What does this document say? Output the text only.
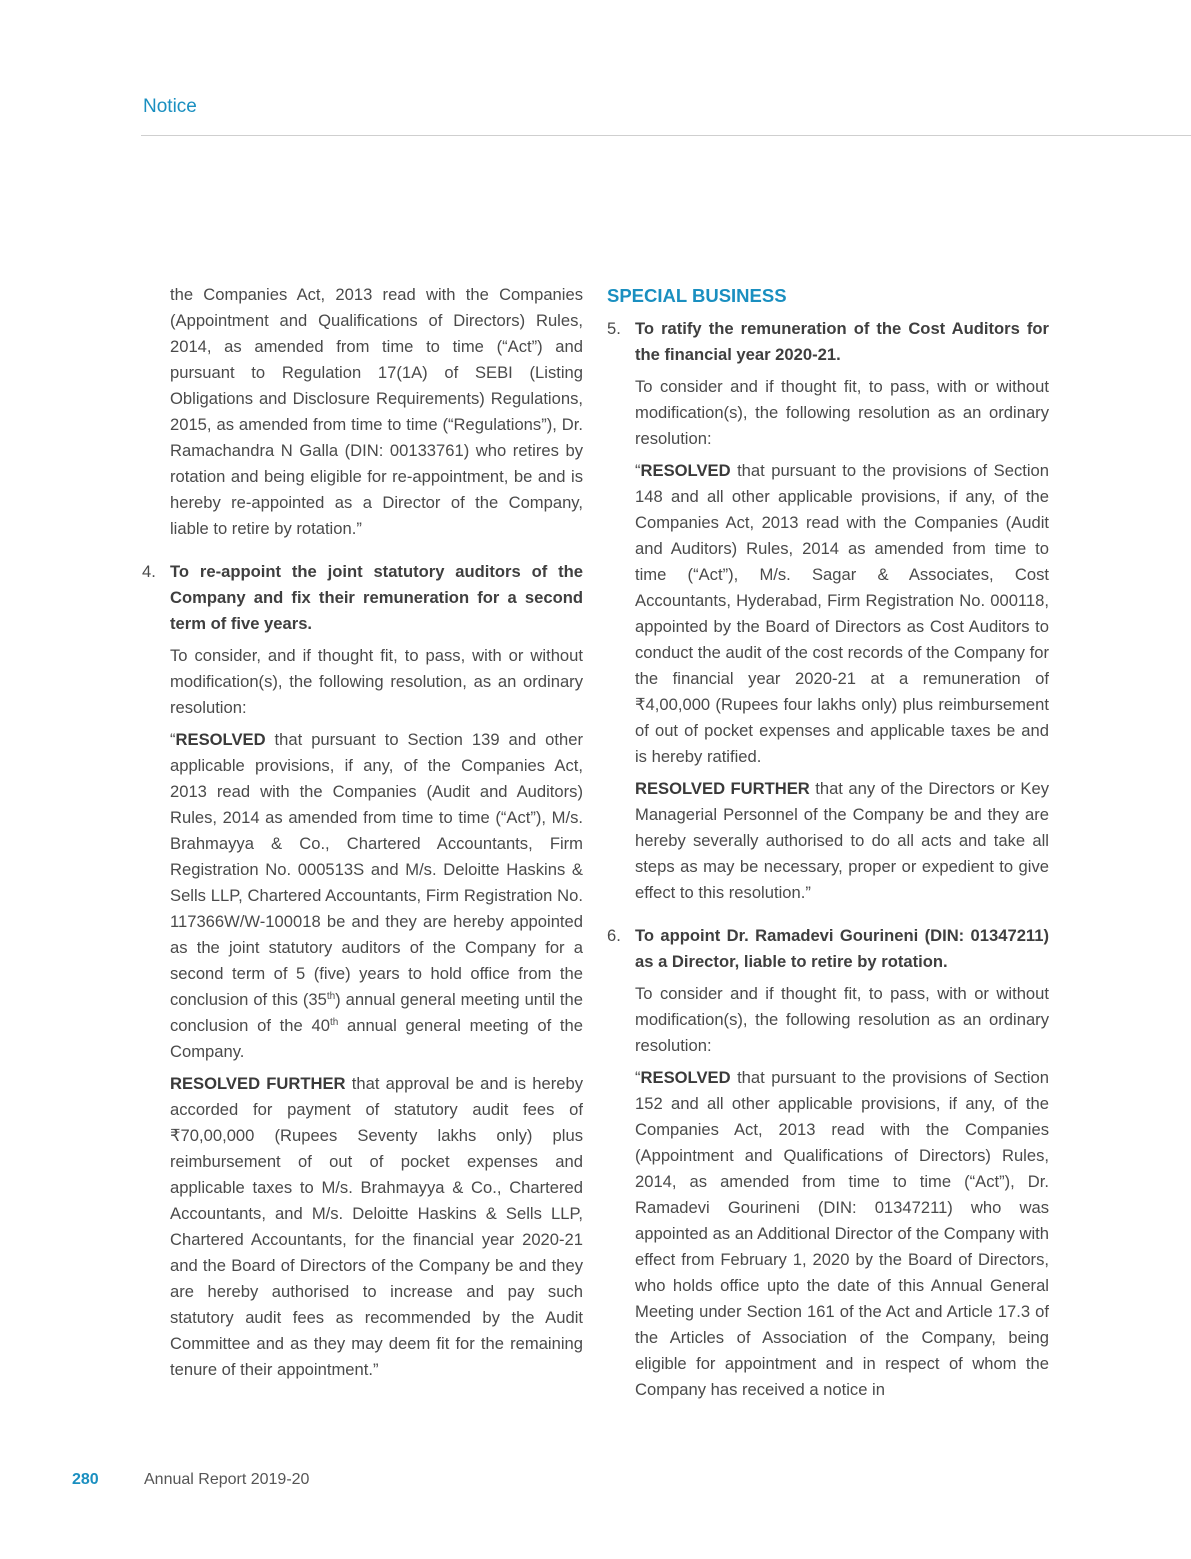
Notice

the Companies Act, 2013 read with the Companies (Appointment and Qualifications of Directors) Rules, 2014, as amended from time to time (“Act”) and pursuant to Regulation 17(1A) of SEBI (Listing Obligations and Disclosure Requirements) Regulations, 2015, as amended from time to time (“Regulations”), Dr. Ramachandra N Galla (DIN: 00133761) who retires by rotation and being eligible for re-appointment, be and is hereby re-appointed as a Director of the Company, liable to retire by rotation.”

4. To re-appoint the joint statutory auditors of the Company and fix their remuneration for a second term of five years.

To consider, and if thought fit, to pass, with or without modification(s), the following resolution, as an ordinary resolution:

“RESOLVED that pursuant to Section 139 and other applicable provisions, if any, of the Companies Act, 2013 read with the Companies (Audit and Auditors) Rules, 2014 as amended from time to time (“Act”), M/s. Brahmayya & Co., Chartered Accountants, Firm Registration No. 000513S and M/s. Deloitte Haskins & Sells LLP, Chartered Accountants, Firm Registration No. 117366W/W-100018 be and they are hereby appointed as the joint statutory auditors of the Company for a second term of 5 (five) years to hold office from the conclusion of this (35th) annual general meeting until the conclusion of the 40th annual general meeting of the Company.

RESOLVED FURTHER that approval be and is hereby accorded for payment of statutory audit fees of ₹70,00,000 (Rupees Seventy lakhs only) plus reimbursement of out of pocket expenses and applicable taxes to M/s. Brahmayya & Co., Chartered Accountants, and M/s. Deloitte Haskins & Sells LLP, Chartered Accountants, for the financial year 2020-21 and the Board of Directors of the Company be and they are hereby authorised to increase and pay such statutory audit fees as recommended by the Audit Committee and as they may deem fit for the remaining tenure of their appointment.”

SPECIAL BUSINESS
5. To ratify the remuneration of the Cost Auditors for the financial year 2020-21.

To consider and if thought fit, to pass, with or without modification(s), the following resolution as an ordinary resolution:

“RESOLVED that pursuant to the provisions of Section 148 and all other applicable provisions, if any, of the Companies Act, 2013 read with the Companies (Audit and Auditors) Rules, 2014 as amended from time to time (“Act”), M/s. Sagar & Associates, Cost Accountants, Hyderabad, Firm Registration No. 000118, appointed by the Board of Directors as Cost Auditors to conduct the audit of the cost records of the Company for the financial year 2020-21 at a remuneration of ₹4,00,000 (Rupees four lakhs only) plus reimbursement of out of pocket expenses and applicable taxes be and is hereby ratified.

RESOLVED FURTHER that any of the Directors or Key Managerial Personnel of the Company be and they are hereby severally authorised to do all acts and take all steps as may be necessary, proper or expedient to give effect to this resolution.”

6. To appoint Dr. Ramadevi Gourineni (DIN: 01347211) as a Director, liable to retire by rotation.

To consider and if thought fit, to pass, with or without modification(s), the following resolution as an ordinary resolution:

“RESOLVED that pursuant to the provisions of Section 152 and all other applicable provisions, if any, of the Companies Act, 2013 read with the Companies (Appointment and Qualifications of Directors) Rules, 2014, as amended from time to time (“Act”), Dr. Ramadevi Gourineni (DIN: 01347211) who was appointed as an Additional Director of the Company with effect from February 1, 2020 by the Board of Directors, who holds office upto the date of this Annual General Meeting under Section 161 of the Act and Article 17.3 of the Articles of Association of the Company, being eligible for appointment and in respect of whom the Company has received a notice in

280	Annual Report 2019-20
